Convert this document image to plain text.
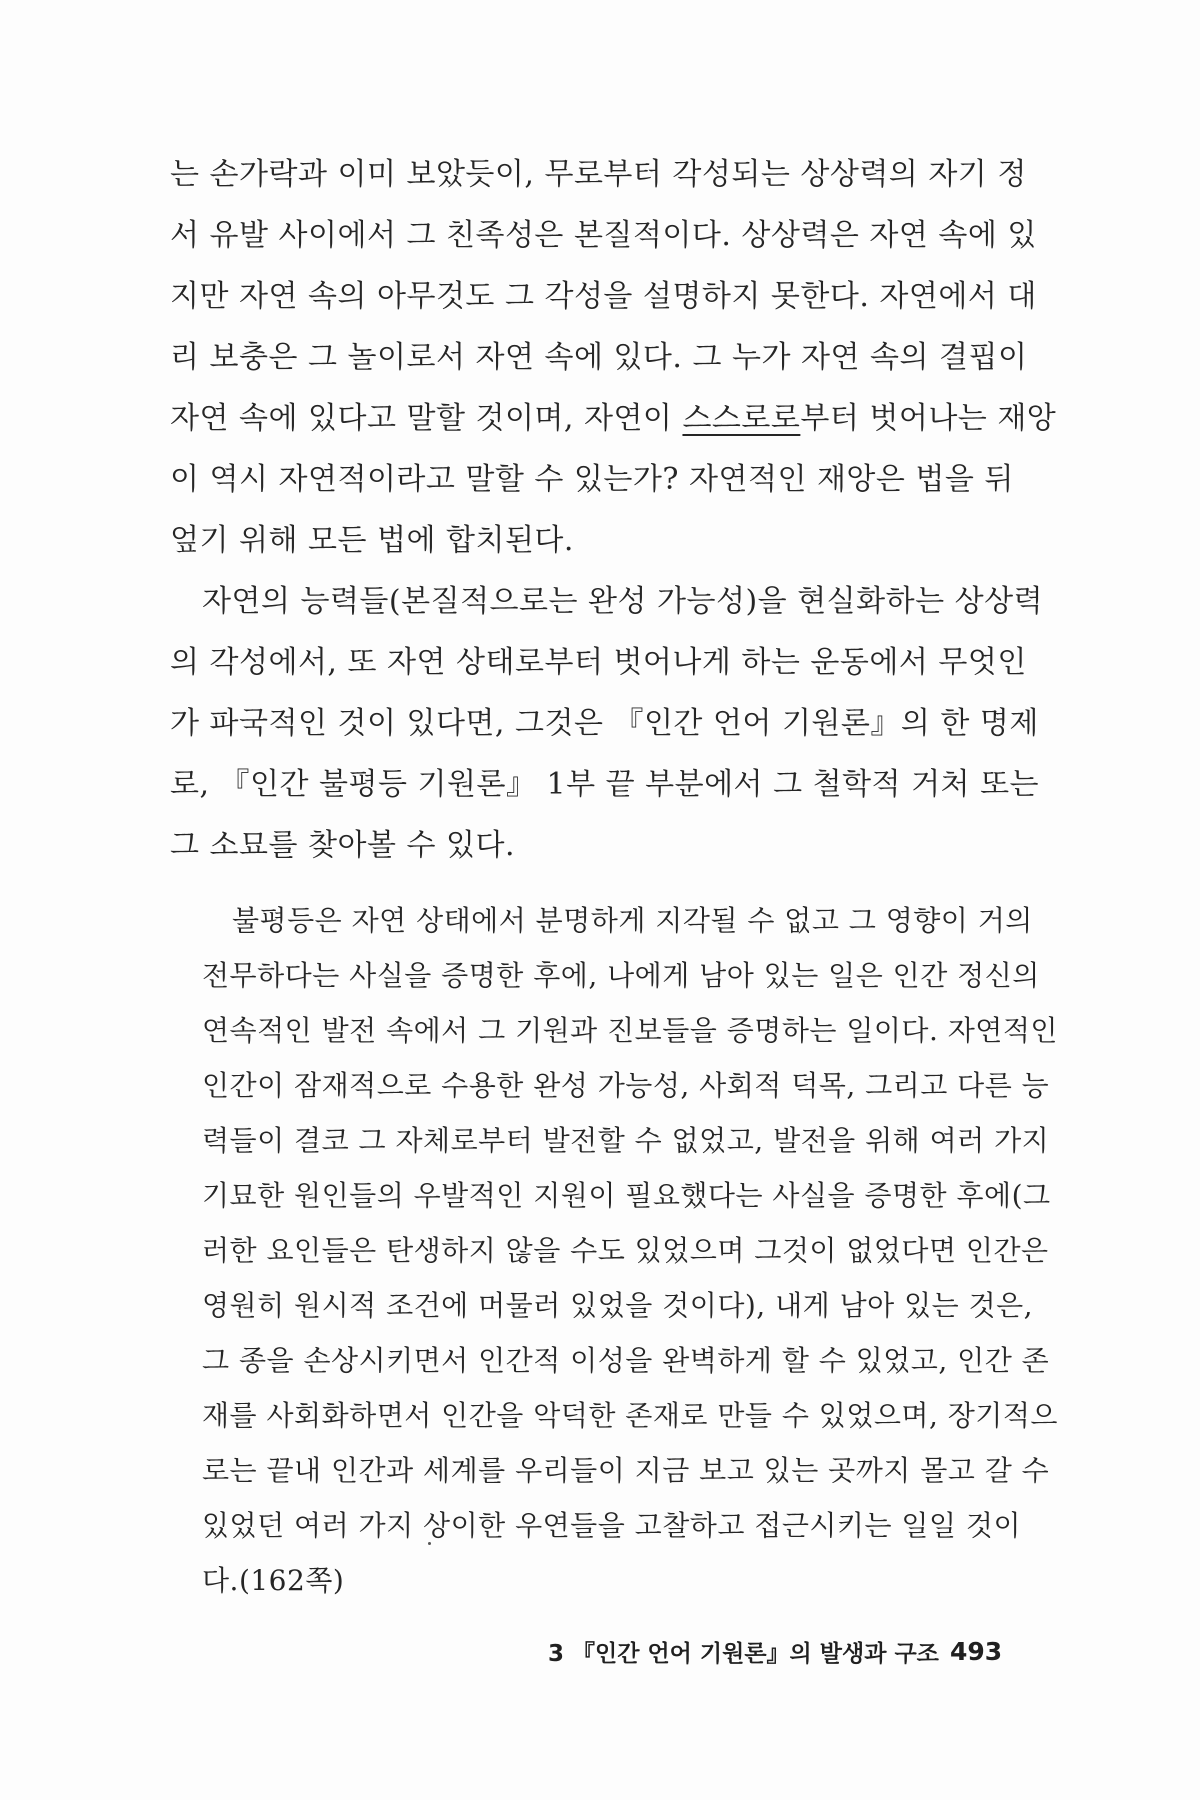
는 손가락과 이미 보았듯이, 무로부터 각성되는 상상력의 자기 정
서 유발 사이에서 그 친족성은 본질적이다. 상상력은 자연 속에 있
지만 자연 속의 아무것도 그 각성을 설명하지 못한다. 자연에서 대
리 보충은 그 놀이로서 자연 속에 있다. 그 누가 자연 속의 결핍이
자연 속에 있다고 말할 것이며, 자연이 스스로로부터 벗어나는 재앙
이 역시 자연적이라고 말할 수 있는가? 자연적인 재앙은 법을 뒤
엎기 위해 모든 법에 합치된다.
자연의 능력들(본질적으로는 완성 가능성)을 현실화하는 상상력
의 각성에서, 또 자연 상태로부터 벗어나게 하는 운동에서 무엇인
가 파국적인 것이 있다면, 그것은 『인간 언어 기원론』의 한 명제
로, 『인간 불평등 기원론』 1부 끝 부분에서 그 철학적 거처 또는
그 소묘를 찾아볼 수 있다.
불평등은 자연 상태에서 분명하게 지각될 수 없고 그 영향이 거의
전무하다는 사실을 증명한 후에, 나에게 남아 있는 일은 인간 정신의
연속적인 발전 속에서 그 기원과 진보들을 증명하는 일이다. 자연적인
인간이 잠재적으로 수용한 완성 가능성, 사회적 덕목, 그리고 다른 능
력들이 결코 그 자체로부터 발전할 수 없었고, 발전을 위해 여러 가지
기묘한 원인들의 우발적인 지원이 필요했다는 사실을 증명한 후에(그
러한 요인들은 탄생하지 않을 수도 있었으며 그것이 없었다면 인간은
영원히 원시적 조건에 머물러 있었을 것이다), 내게 남아 있는 것은,
그 종을 손상시키면서 인간적 이성을 완벽하게 할 수 있었고, 인간 존
재를 사회화하면서 인간을 악덕한 존재로 만들 수 있었으며, 장기적으
로는 끝내 인간과 세계를 우리들이 지금 보고 있는 곳까지 몰고 갈 수
있었던 여러 가지 상이한 우연들을 고찰하고 접근시키는 일일 것이
다.(162쪽)
3 『인간 언어 기원론』의 발생과 구조 493
